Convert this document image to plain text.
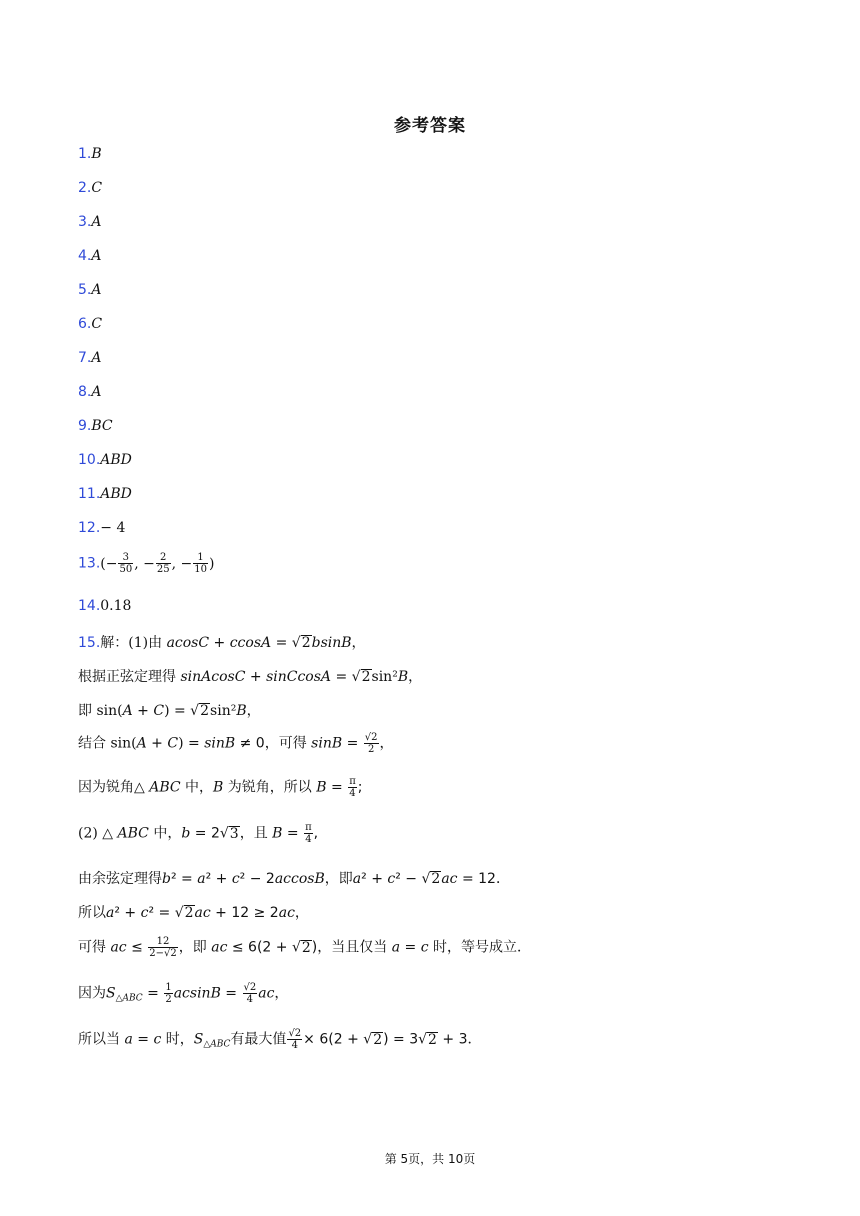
参考答案
1.B
2.C
3.A
4.A
5.A
6.C
7.A
8.A
9.BC
10.ABD
11.ABD
12.− 4
$13.(- \frac{3}{50}$ , − $\frac{2}{25}$ , − $\frac{1}{10}$ )
14.0.18
15.解：(1)由 acosC + ccosA = √2bsinB，
根据正弦定理得 sinAcosC + sinCcosA = √2sin²B，
即 sin(A + C) = √2sin²B，
结合 sin(A + C) = sinB ≠ 0，可得 $\sin B = \frac{√2}{2}$ ，
因为锐角△ ABC 中，B 为锐角，所以 $B = \frac{\pi}{4}$ ;
(2) △ ABC 中，b = 2√3，且 $B = \frac{\pi}{4}$ ,
由余弦定理得b² = a² + c² − 2accosB，即a² + c² − √2ac = 12．
所以a² + c² = √2ac + 12 ≥ 2ac，
可得 ac ≤ $\frac{12}{2-√2}$ ，即 ac ≤ 6(2 + √2)，当且仅当 a = c 时，等号成立．
因为$S_{\triangle ABC} = \frac{1}{2}$ $acsinB = \frac{√2}{4}$ ac，
所以当 a = c 时，$S_{\triangle ABC}$有最大值 $\frac{√2}{4} \times 6(2 + √2) = 3√2 + 3$．
第 5页，共 10页
